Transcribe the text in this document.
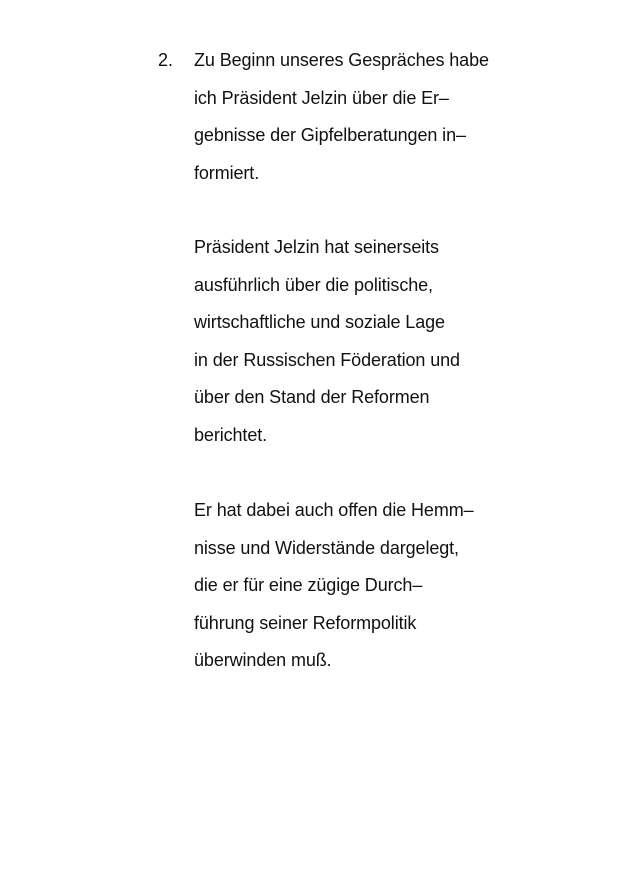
2. Zu Beginn unseres Gespräches habe
ich Präsident Jelzin über die Er–
gebnisse der Gipfelberatungen in–
formiert.
Präsident Jelzin hat seinerseits
ausführlich über die politische,
wirtschaftliche und soziale Lage
in der Russischen Föderation und
über den Stand der Reformen
berichtet.
Er hat dabei auch offen die Hemm–
nisse und Widerstände dargelegt,
die er für eine zügige Durch–
führung seiner Reformpolitik
überwinden muß.
